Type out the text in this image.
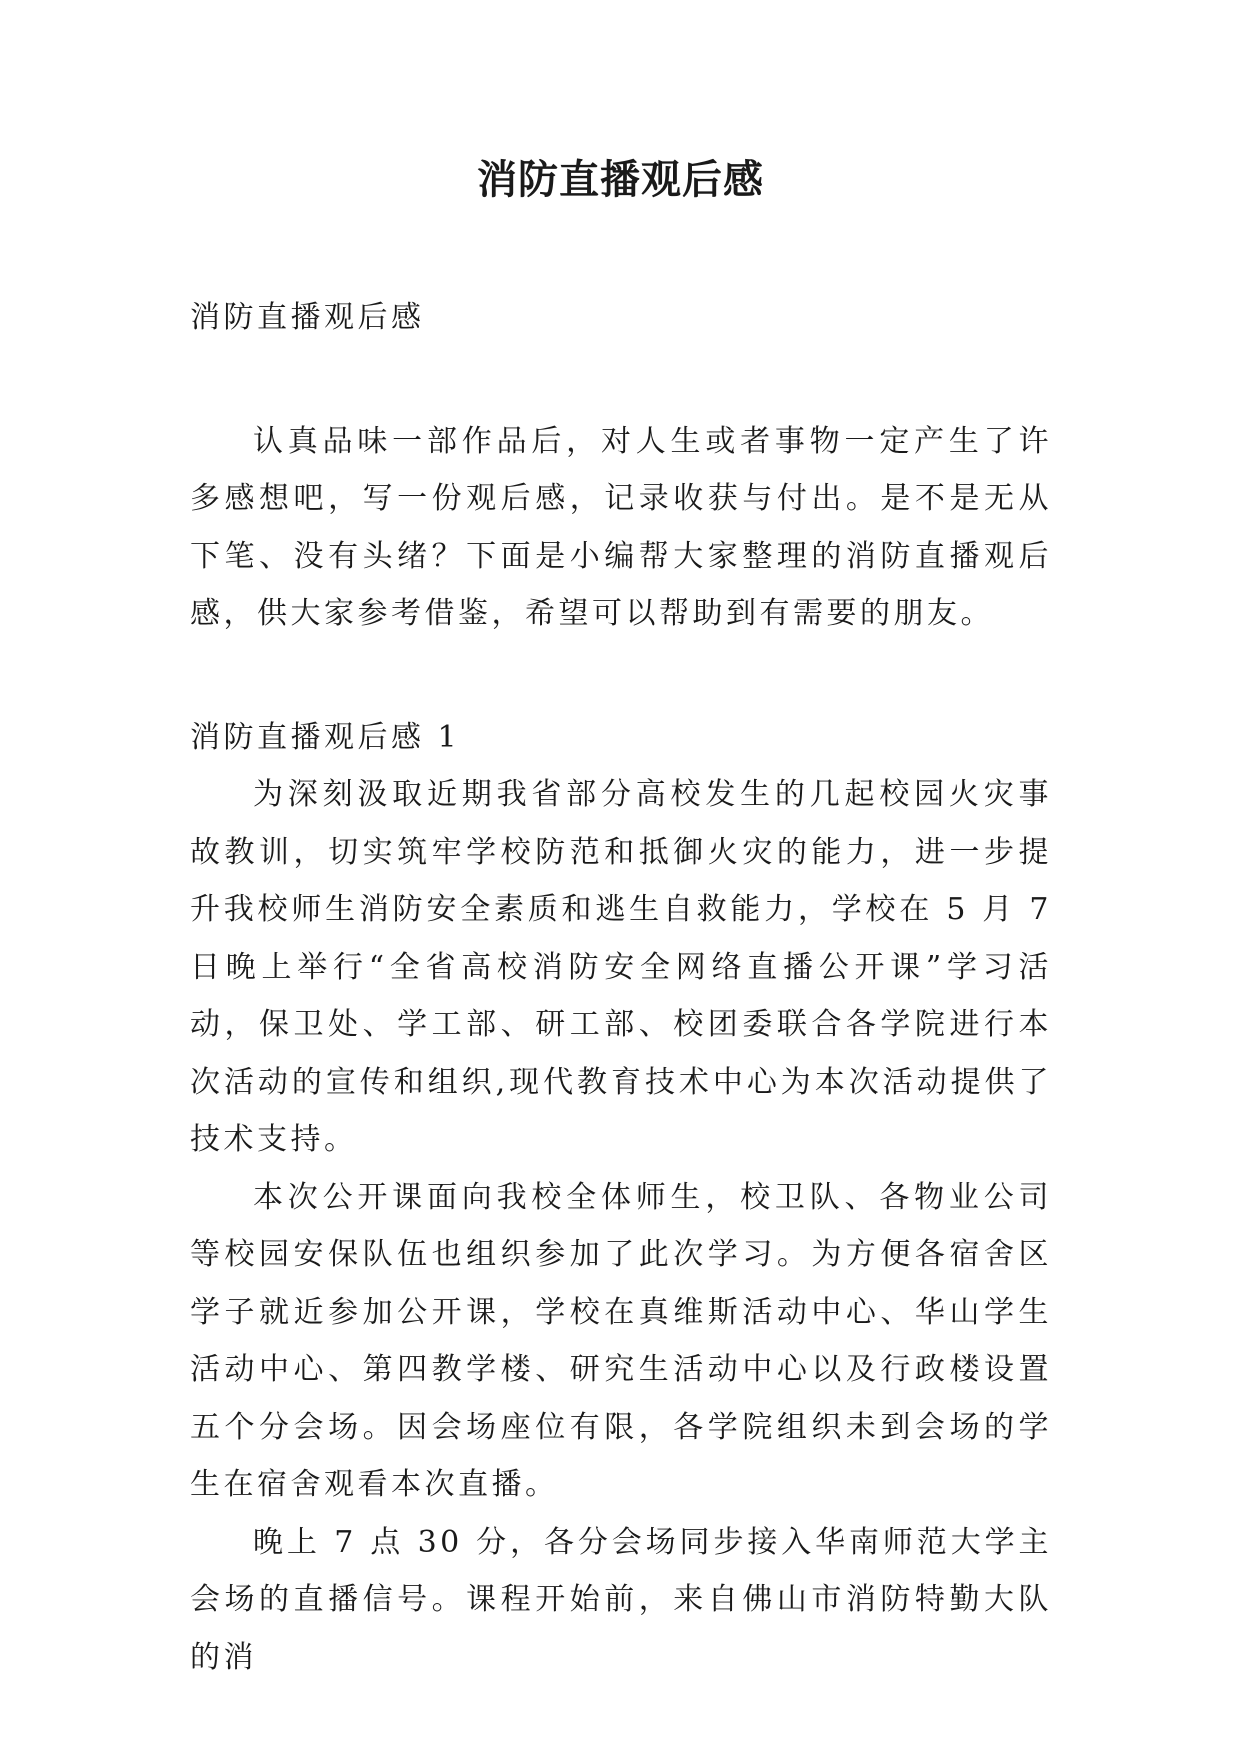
消防直播观后感

消防直播观后感

认真品味一部作品后，对人生或者事物一定产生了许多感想吧，写一份观后感，记录收获与付出。是不是无从下笔、没有头绪？下面是小编帮大家整理的消防直播观后感，供大家参考借鉴，希望可以帮助到有需要的朋友。

消防直播观后感 1

为深刻汲取近期我省部分高校发生的几起校园火灾事故教训，切实筑牢学校防范和抵御火灾的能力，进一步提升我校师生消防安全素质和逃生自救能力，学校在 5 月 7 日晚上举行“全省高校消防安全网络直播公开课”学习活动，保卫处、学工部、研工部、校团委联合各学院进行本次活动的宣传和组织,现代教育技术中心为本次活动提供了技术支持。

本次公开课面向我校全体师生，校卫队、各物业公司等校园安保队伍也组织参加了此次学习。为方便各宿舍区学子就近参加公开课，学校在真维斯活动中心、华山学生活动中心、第四教学楼、研究生活动中心以及行政楼设置五个分会场。因会场座位有限，各学院组织未到会场的学生在宿舍观看本次直播。

晚上 7 点 30 分，各分会场同步接入华南师范大学主会场的直播信号。课程开始前，来自佛山市消防特勤大队的消
